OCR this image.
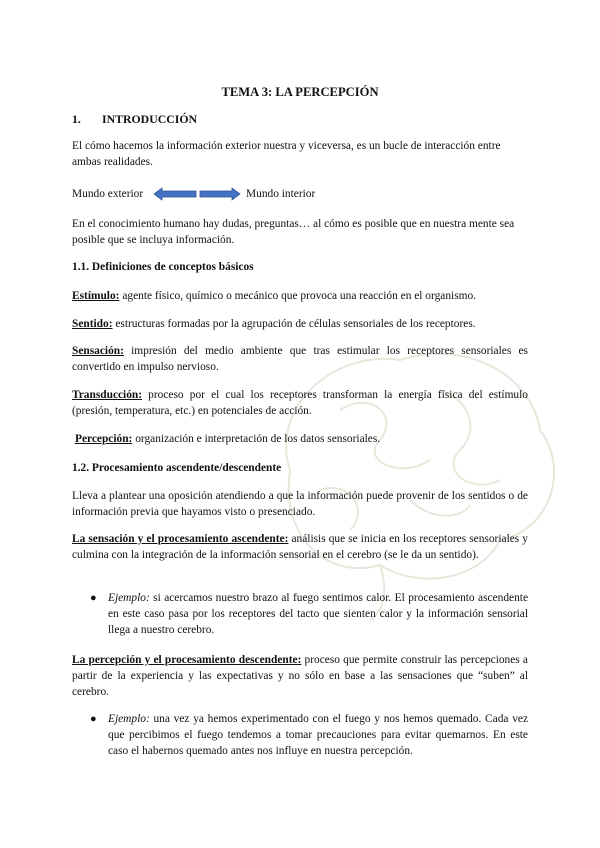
TEMA 3: LA PERCEPCIÓN
1. INTRODUCCIÓN
El cómo hacemos la información exterior nuestra y viceversa, es un bucle de interacción entre ambas realidades.
Mundo exterior	Mundo interior
En el conocimiento humano hay dudas, preguntas… al cómo es posible que en nuestra mente sea posible que se incluya información.
1.1. Definiciones de conceptos básicos
Estímulo: agente físico, químico o mecánico que provoca una reacción en el organismo.
Sentido: estructuras formadas por la agrupación de células sensoriales de los receptores.
Sensación: impresión del medio ambiente que tras estimular los receptores sensoriales es convertido en impulso nervioso.
Transducción: proceso por el cual los receptores transforman la energía física del estímulo (presión, temperatura, etc.) en potenciales de acción.
Percepción: organización e interpretación de los datos sensoriales.
1.2. Procesamiento ascendente/descendente
Lleva a plantear una oposición atendiendo a que la información puede provenir de los sentidos o de información previa que hayamos visto o presenciado.
La sensación y el procesamiento ascendente: análisis que se inicia en los receptores sensoriales y culmina con la integración de la información sensorial en el cerebro (se le da un sentido).
● Ejemplo: si acercamos nuestro brazo al fuego sentimos calor. El procesamiento ascendente en este caso pasa por los receptores del tacto que sienten calor y la información sensorial llega a nuestro cerebro.
La percepción y el procesamiento descendente: proceso que permite construir las percepciones a partir de la experiencia y las expectativas y no sólo en base a las sensaciones que “suben” al cerebro.
● Ejemplo: una vez ya hemos experimentado con el fuego y nos hemos quemado. Cada vez que percibimos el fuego tendemos a tomar precauciones para evitar quemarnos. En este caso el habernos quemado antes nos influye en nuestra percepción.
